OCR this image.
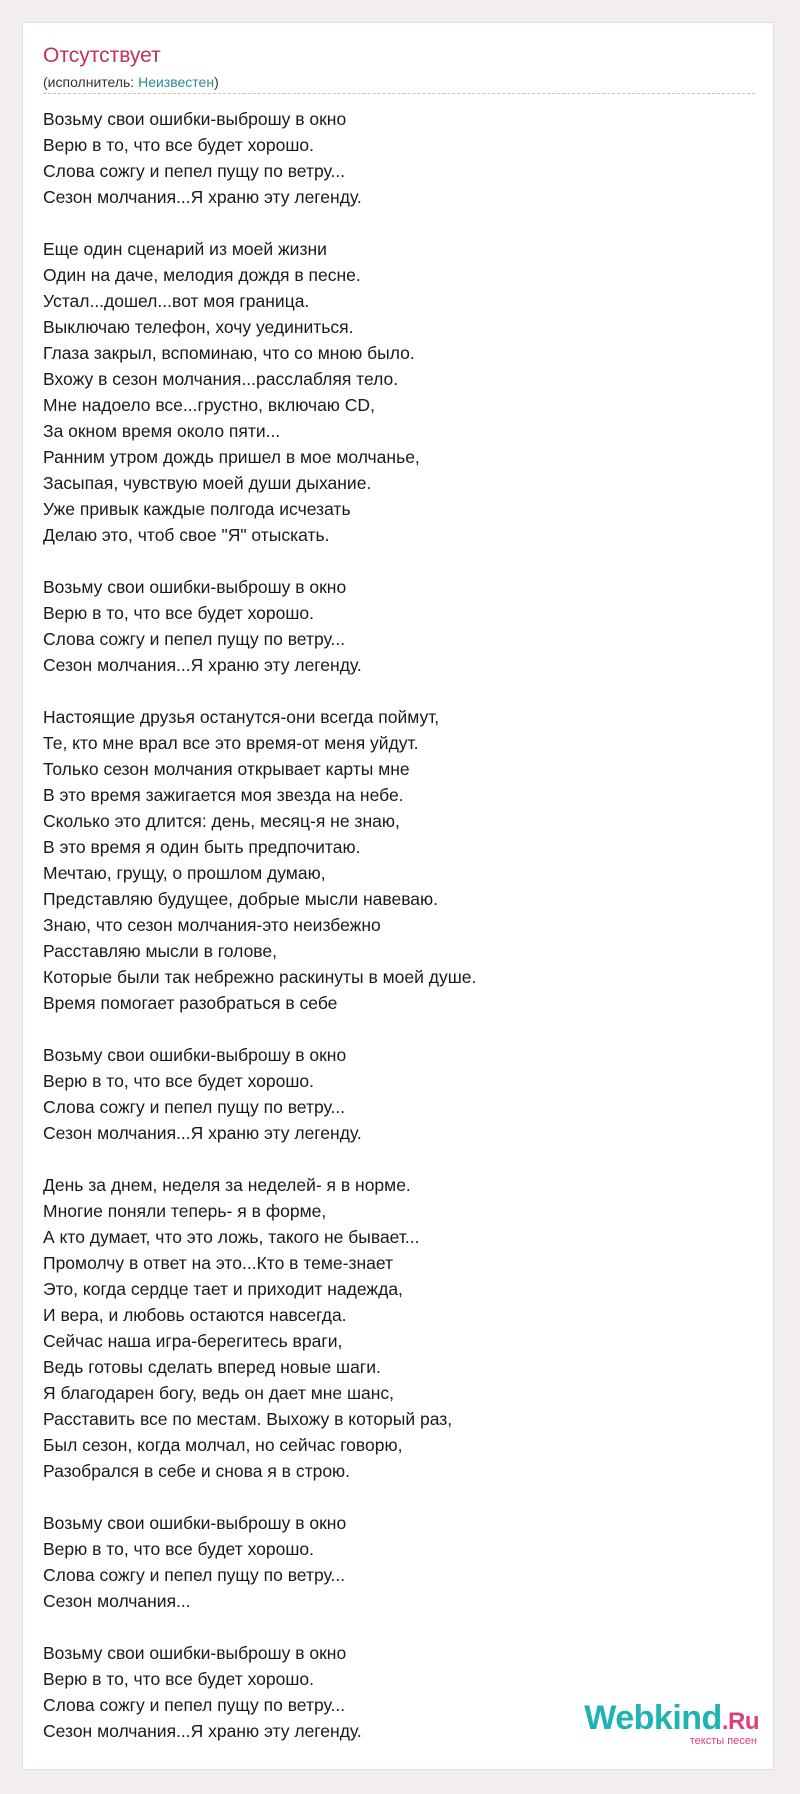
Отсутствует
(исполнитель: Неизвестен)
Возьму свои ошибки-выброшу в окно
Верю в то, что все будет хорошо.
Слова сожгу и пепел пущу по ветру...
Сезон молчания...Я храню эту легенду.
Еще один сценарий из моей жизни
Один на даче, мелодия дождя в песне.
Устал...дошел...вот моя граница.
Выключаю телефон, хочу уединиться.
Глаза закрыл, вспоминаю, что со мною было.
Вхожу в сезон молчания...расслабляя тело.
Мне надоело все...грустно, включаю CD,
За окном время около пяти...
Ранним утром дождь пришел в мое молчанье,
Засыпая, чувствую моей души дыхание.
Уже привык каждые полгода исчезать
Делаю это, чтоб свое "Я" отыскать.
Возьму свои ошибки-выброшу в окно
Верю в то, что все будет хорошо.
Слова сожгу и пепел пущу по ветру...
Сезон молчания...Я храню эту легенду.
Настоящие друзья останутся-они всегда поймут,
Те, кто мне врал все это время-от меня уйдут.
Только сезон молчания открывает карты мне
В это время зажигается моя звезда на небе.
Сколько это длится: день, месяц-я не знаю,
В это время я один быть предпочитаю.
Мечтаю, грущу, о прошлом думаю,
Представляю будущее, добрые мысли навеваю.
Знаю, что сезон молчания-это неизбежно
Расставляю мысли в голове,
Которые были так небрежно раскинуты в моей душе.
Время помогает разобраться в себе
Возьму свои ошибки-выброшу в окно
Верю в то, что все будет хорошо.
Слова сожгу и пепел пущу по ветру...
Сезон молчания...Я храню эту легенду.
День за днем, неделя за неделей- я в норме.
Многие поняли теперь- я в форме,
А кто думает, что это ложь, такого не бывает...
Промолчу в ответ на это...Кто в теме-знает
Это, когда сердце тает и приходит надежда,
И вера, и любовь остаются навсегда.
Сейчас наша игра-берегитесь враги,
Ведь готовы сделать вперед новые шаги.
Я благодарен богу, ведь он дает мне шанс,
Расставить все по местам. Выхожу в который раз,
Был сезон, когда молчал, но сейчас говорю,
Разобрался в себе и снова я в строю.
Возьму свои ошибки-выброшу в окно
Верю в то, что все будет хорошо.
Слова сожгу и пепел пущу по ветру...
Сезон молчания...
Возьму свои ошибки-выброшу в окно
Верю в то, что все будет хорошо.
Слова сожгу и пепел пущу по ветру...
Сезон молчания...Я храню эту легенду.	Webkind.Ru
тексты песен
